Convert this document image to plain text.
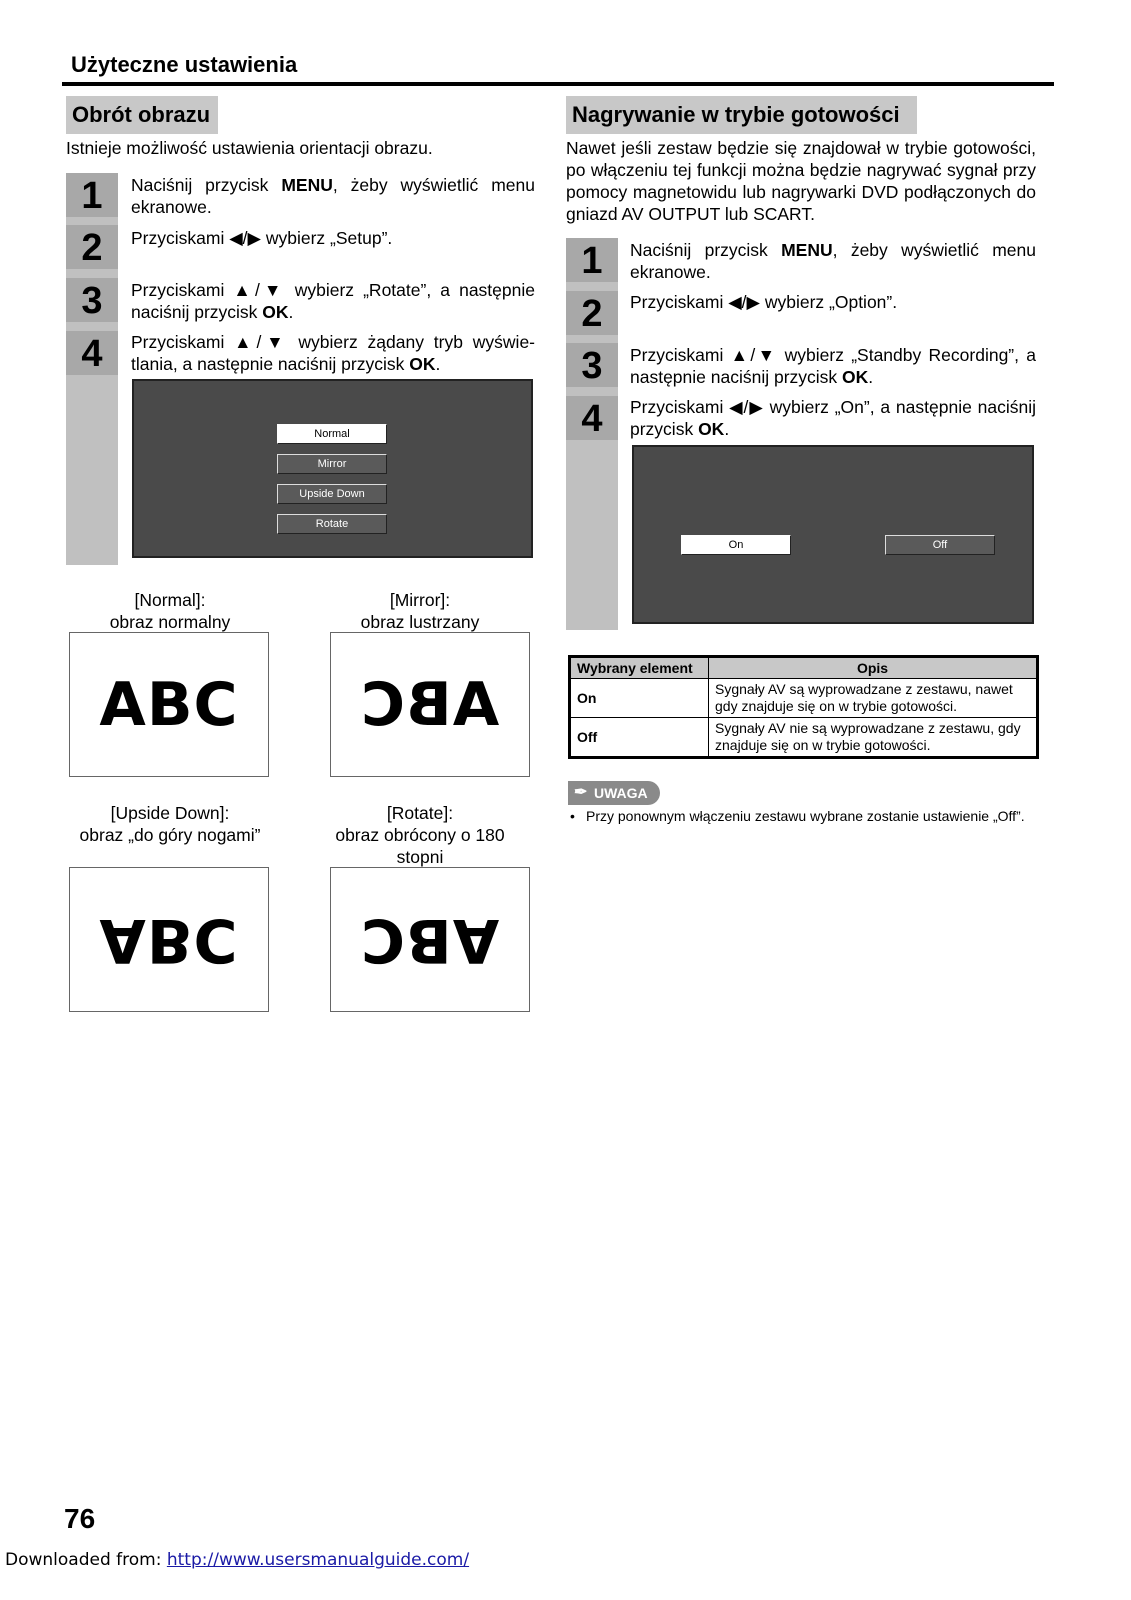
Użyteczne ustawienia
Obrót obrazu
Istnieje możliwość ustawienia orientacji obrazu.
1
2
3
4
Naciśnij przycisk MENU, żeby wyświetlić menu ekranowe.
Przyciskami ◀/▶ wybierz „Setup”.
Przyciskami ▲/▼ wybierz „Rotate”, a następnie naciśnij przycisk OK.
Przyciskami ▲/▼ wybierz żądany tryb wyświetlania, a następnie naciśnij przycisk OK.
Normal
Mirror
Upside Down
Rotate
[Normal]:
obraz normalny
[Mirror]:
obraz lustrzany
ABC ABC
[Upside Down]:
obraz „do góry nogami”
[Rotate]:
obraz obrócony o 180 stopni
ABC ABC
Nagrywanie w trybie gotowości
Nawet jeśli zestaw będzie się znajdował w trybie gotowości, po włączeniu tej funkcji można będzie nagrywać sygnał przy pomocy magnetowidu lub nagrywarki DVD podłączonych do gniazd AV OUTPUT lub SCART.
1
2
3
4
Naciśnij przycisk MENU, żeby wyświetlić menu ekranowe.
Przyciskami ◀/▶ wybierz „Option”.
Przyciskami ▲/▼ wybierz „Standby Recording”, a następnie naciśnij przycisk OK.
Przyciskami ◀/▶ wybierz „On”, a następnie naciśnij przycisk OK.
On	Off
Wybrany element	Opis
On	Sygnały AV są wyprowadzane z zestawu, nawet gdy znajduje się on w trybie gotowości.
Off	Sygnały AV nie są wyprowadzane z zestawu, gdy znajduje się on w trybie gotowości.
✒ UWAGA
• Przy ponownym włączeniu zestawu wybrane zostanie ustawienie „Off”.
76
Downloaded from: http://www.usersmanualguide.com/
